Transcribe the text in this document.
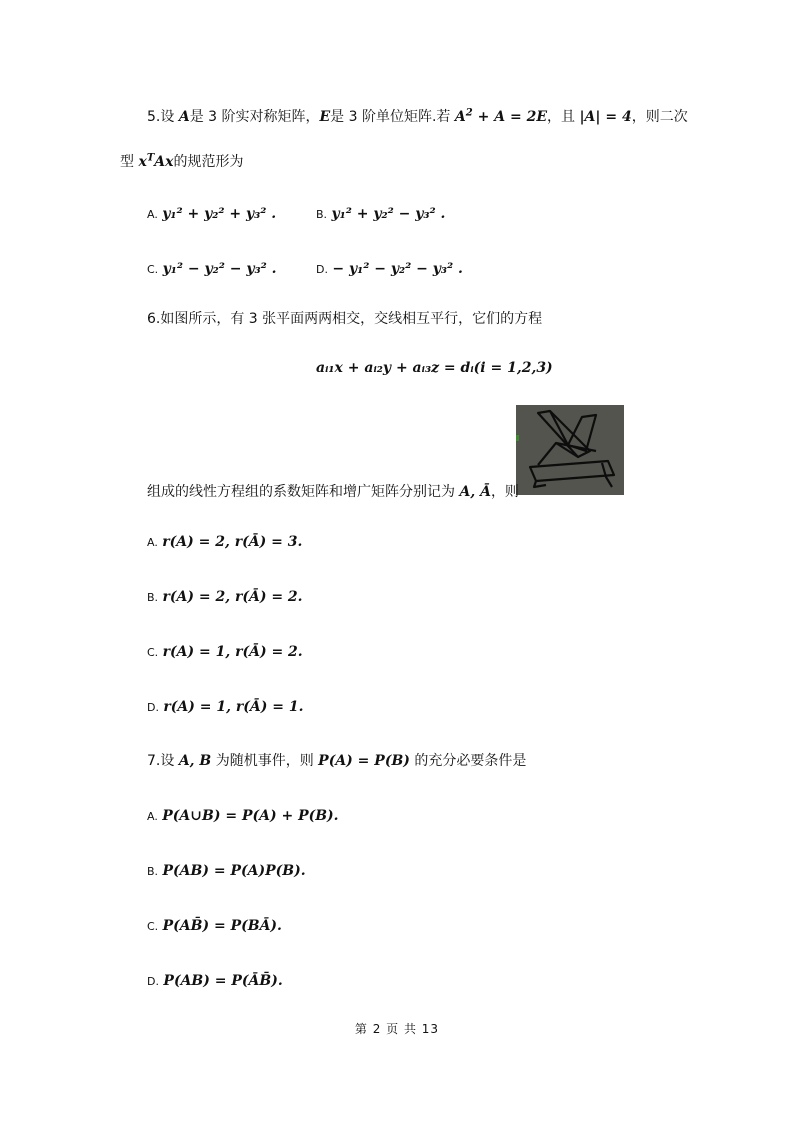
5.设 A是 3 阶实对称矩阵，E是 3 阶单位矩阵.若 $A^2 + A = 2E$，且 |A| = 4，则二次
型 $x^TAx$的规范形为
A. y₁² + y₂² + y₃² .	B. y₁² + y₂² − y₃² .
C. y₁² − y₂² − y₃² .	D. − y₁² − y₂² − y₃² .
6.如图所示，有 3 张平面两两相交，交线相互平行，它们的方程
aᵢ₁x + aᵢ₂y + aᵢ₃z = dᵢ(i = 1,2,3)
组成的线性方程组的系数矩阵和增广矩阵分别记为 A, Ā，则
A. r(A) = 2, r(Ā) = 3.
B. r(A) = 2, r(Ā) = 2.
C. r(A) = 1, r(Ā) = 2.
D. r(A) = 1, r(Ā) = 1.
7.设 A, B 为随机事件，则 P(A) = P(B) 的充分必要条件是
A. P(A∪B) = P(A) + P(B).
B. P(AB) = P(A)P(B).
C. P(AB̄) = P(BĀ).
D. P(AB) = P(ĀB̄).
第 2 页 共 13
